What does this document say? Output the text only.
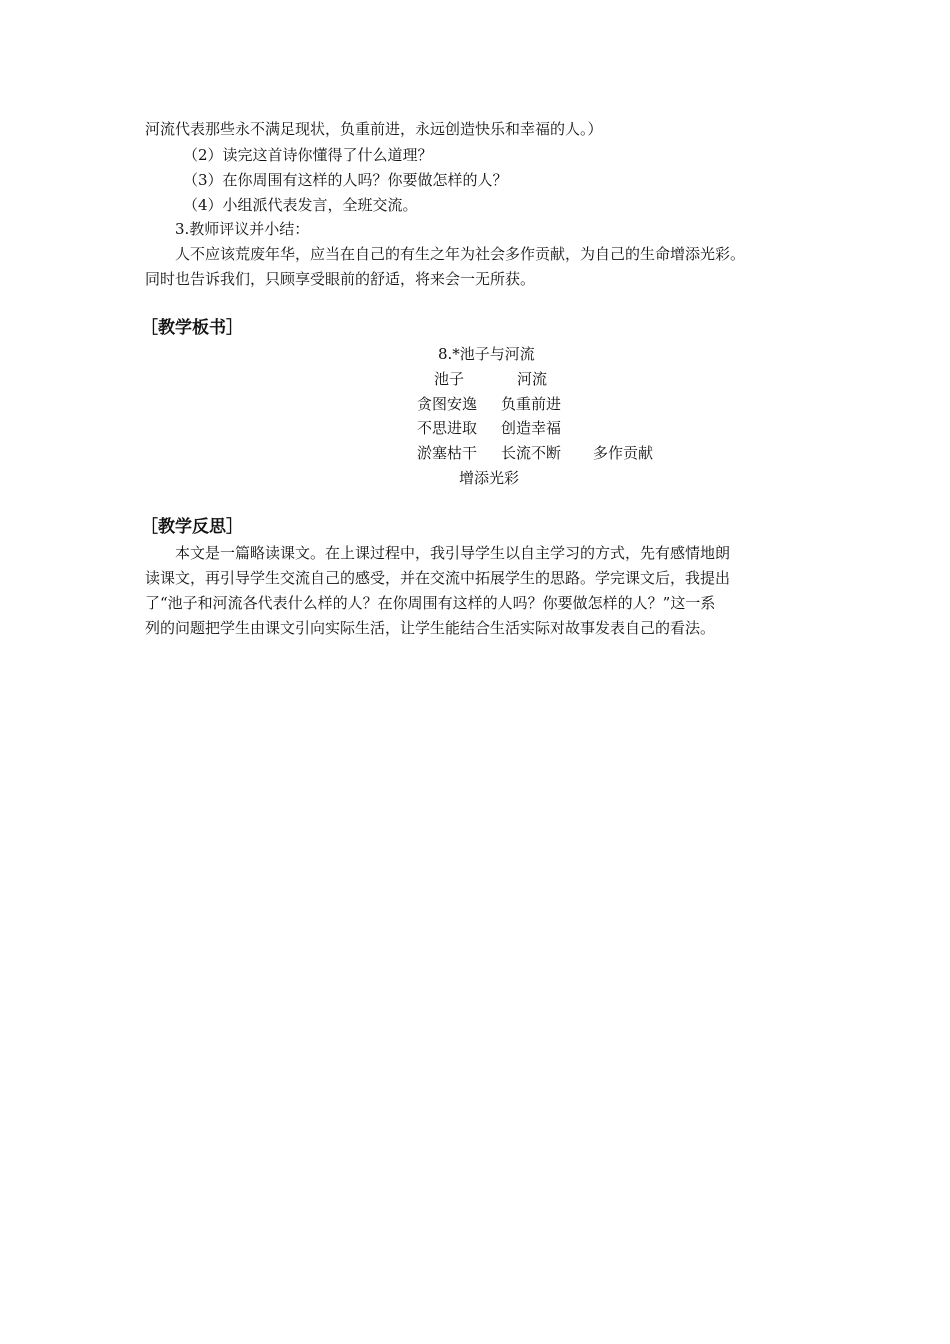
河流代表那些永不满足现状，负重前进，永远创造快乐和幸福的人。）
（2）读完这首诗你懂得了什么道理？
（3）在你周围有这样的人吗？你要做怎样的人？
（4）小组派代表发言，全班交流。
3.教师评议并小结：
人不应该荒废年华，应当在自己的有生之年为社会多作贡献，为自己的生命增添光彩。
同时也告诉我们，只顾享受眼前的舒适，将来会一无所获。
［教学板书］
8.*池子与河流
池子	河流
贪图安逸 负重前进
不思进取 创造幸福
淤塞枯干 长流不断 多作贡献
增添光彩
［教学反思］
本文是一篇略读课文。在上课过程中，我引导学生以自主学习的方式，先有感情地朗
读课文，再引导学生交流自己的感受，并在交流中拓展学生的思路。学完课文后，我提出
了“池子和河流各代表什么样的人？在你周围有这样的人吗？你要做怎样的人？”这一系
列的问题把学生由课文引向实际生活，让学生能结合生活实际对故事发表自己的看法。
